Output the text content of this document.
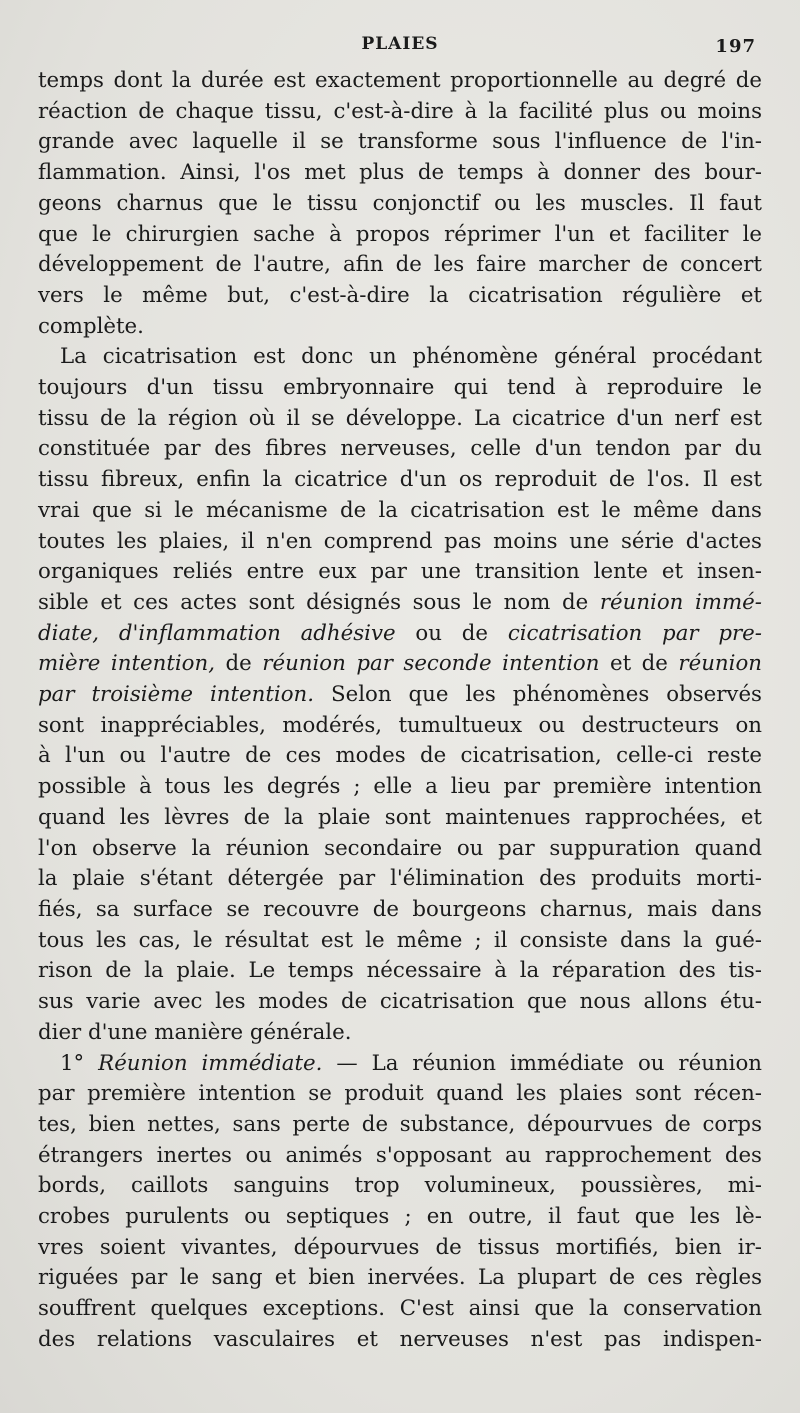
PLAIES	197
temps dont la durée est exactement proportionnelle au degré de
réaction de chaque tissu, c'est-à-dire à la facilité plus ou moins
grande avec laquelle il se transforme sous l'influence de l'in-
flammation. Ainsi, l'os met plus de temps à donner des bour-
geons charnus que le tissu conjonctif ou les muscles. Il faut
que le chirurgien sache à propos réprimer l'un et faciliter le
développement de l'autre, afin de les faire marcher de concert
vers le même but, c'est-à-dire la cicatrisation régulière et
complète.
La cicatrisation est donc un phénomène général procédant
toujours d'un tissu embryonnaire qui tend à reproduire le
tissu de la région où il se développe. La cicatrice d'un nerf est
constituée par des fibres nerveuses, celle d'un tendon par du
tissu fibreux, enfin la cicatrice d'un os reproduit de l'os. Il est
vrai que si le mécanisme de la cicatrisation est le même dans
toutes les plaies, il n'en comprend pas moins une série d'actes
organiques reliés entre eux par une transition lente et insen-
sible et ces actes sont désignés sous le nom de réunion immé-
diate, d'inflammation adhésive ou de cicatrisation par pre-
mière intention, de réunion par seconde intention et de réunion
par troisième intention. Selon que les phénomènes observés
sont inappréciables, modérés, tumultueux ou destructeurs on
à l'un ou l'autre de ces modes de cicatrisation, celle-ci reste
possible à tous les degrés ; elle a lieu par première intention
quand les lèvres de la plaie sont maintenues rapprochées, et
l'on observe la réunion secondaire ou par suppuration quand
la plaie s'étant détergée par l'élimination des produits morti-
fiés, sa surface se recouvre de bourgeons charnus, mais dans
tous les cas, le résultat est le même ; il consiste dans la gué-
rison de la plaie. Le temps nécessaire à la réparation des tis-
sus varie avec les modes de cicatrisation que nous allons étu-
dier d'une manière générale.
1° Réunion immédiate. — La réunion immédiate ou réunion
par première intention se produit quand les plaies sont récen-
tes, bien nettes, sans perte de substance, dépourvues de corps
étrangers inertes ou animés s'opposant au rapprochement des
bords, caillots sanguins trop volumineux, poussières, mi-
crobes purulents ou septiques ; en outre, il faut que les lè-
vres soient vivantes, dépourvues de tissus mortifiés, bien ir-
riguées par le sang et bien inervées. La plupart de ces règles
souffrent quelques exceptions. C'est ainsi que la conservation
des relations vasculaires et nerveuses n'est pas indispen-
